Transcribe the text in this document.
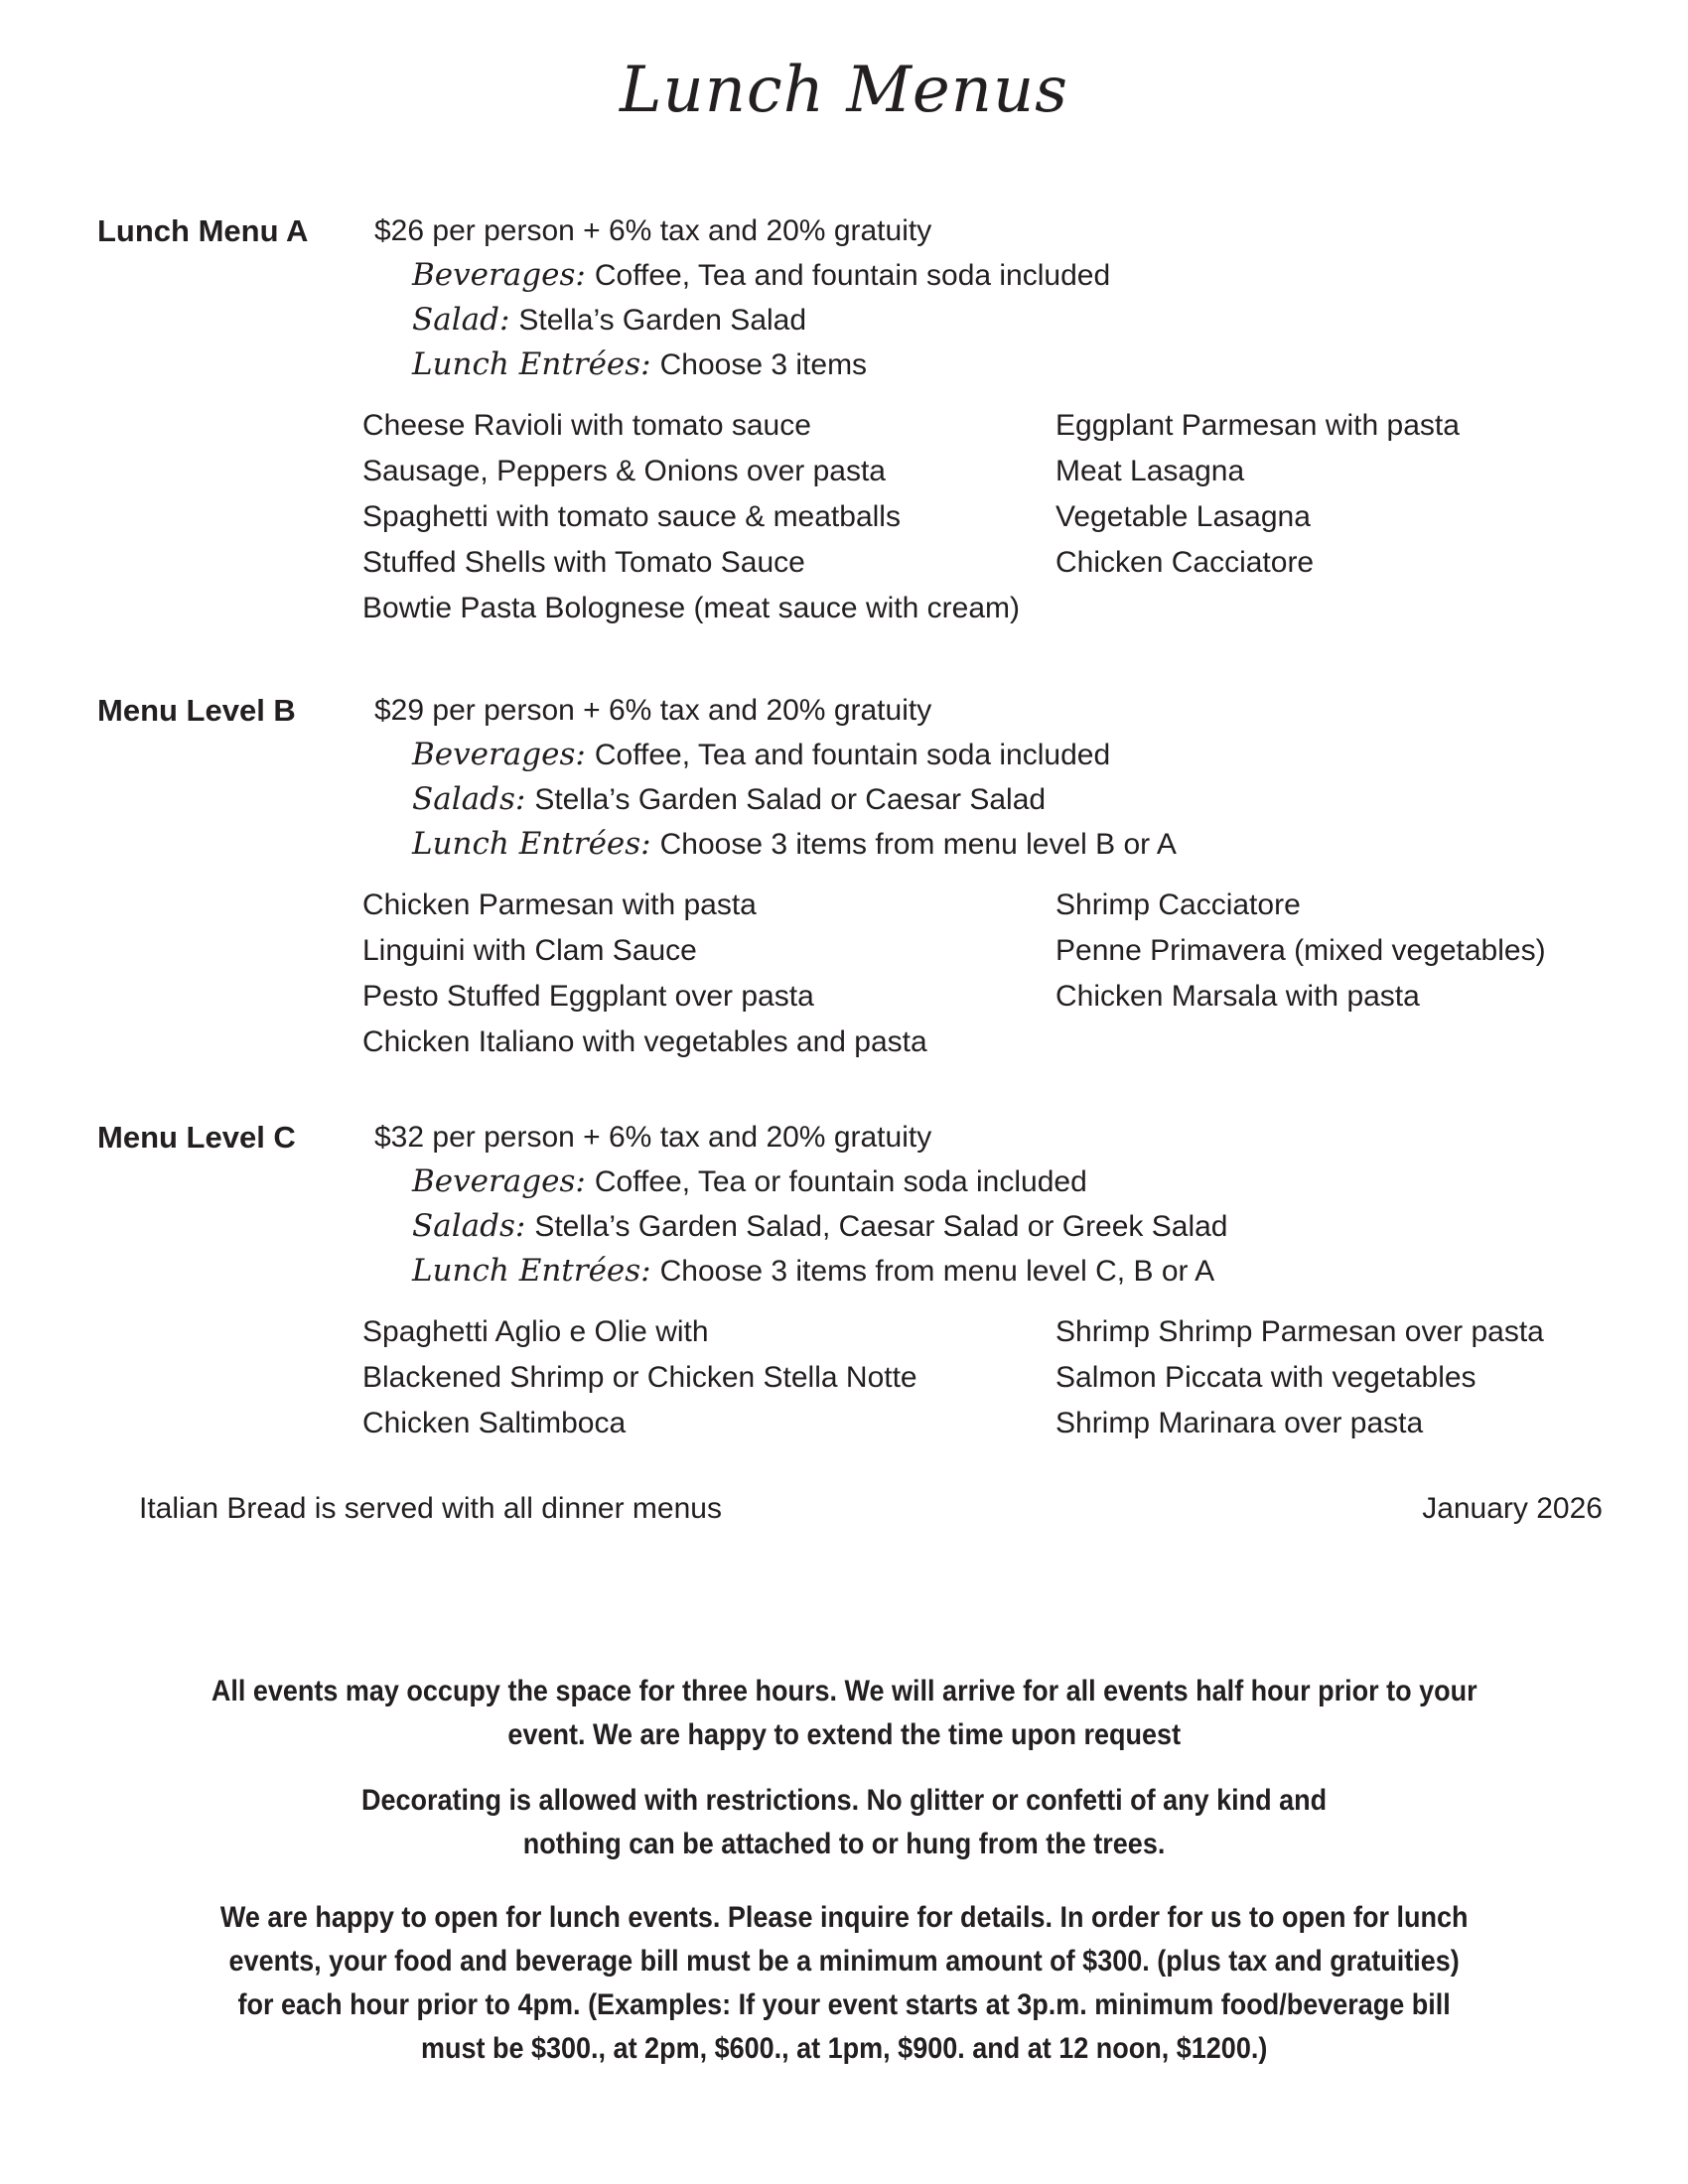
Lunch Menus
Lunch Menu A	$26 per person + 6% tax and 20% gratuity
Beverages: Coffee, Tea and fountain soda included
Salad: Stella’s Garden Salad
Lunch Entrées: Choose 3 items
Cheese Ravioli with tomato sauce
Sausage, Peppers & Onions over pasta
Spaghetti with tomato sauce & meatballs
Stuffed Shells with Tomato Sauce
Bowtie Pasta Bolognese (meat sauce with cream)
Eggplant Parmesan with pasta
Meat Lasagna
Vegetable Lasagna
Chicken Cacciatore
Menu Level B	$29 per person + 6% tax and 20% gratuity
Beverages: Coffee, Tea and fountain soda included
Salads: Stella’s Garden Salad or Caesar Salad
Lunch Entrées: Choose 3 items from menu level B or A
Chicken Parmesan with pasta
Linguini with Clam Sauce
Pesto Stuffed Eggplant over pasta
Chicken Italiano with vegetables and pasta
Shrimp Cacciatore
Penne Primavera (mixed vegetables)
Chicken Marsala with pasta
Menu Level C	$32 per person + 6% tax and 20% gratuity
Beverages: Coffee, Tea or fountain soda included
Salads: Stella’s Garden Salad, Caesar Salad or Greek Salad
Lunch Entrées: Choose 3 items from menu level C, B or A
Spaghetti Aglio e Olie with
Blackened Shrimp or Chicken Stella Notte
Chicken Saltimboca
Shrimp Shrimp Parmesan over pasta
Salmon Piccata with vegetables
Shrimp Marinara over pasta
Italian Bread is served with all dinner menus	January 2026

All events may occupy the space for three hours. We will arrive for all events half hour prior to your
event. We are happy to extend the time upon request

Decorating is allowed with restrictions. No glitter or confetti of any kind and
nothing can be attached to or hung from the trees.

We are happy to open for lunch events. Please inquire for details. In order for us to open for lunch
events, your food and beverage bill must be a minimum amount of $300. (plus tax and gratuities)
for each hour prior to 4pm. (Examples: If your event starts at 3p.m. minimum food/beverage bill
must be $300., at 2pm, $600., at 1pm, $900. and at 12 noon, $1200.)
